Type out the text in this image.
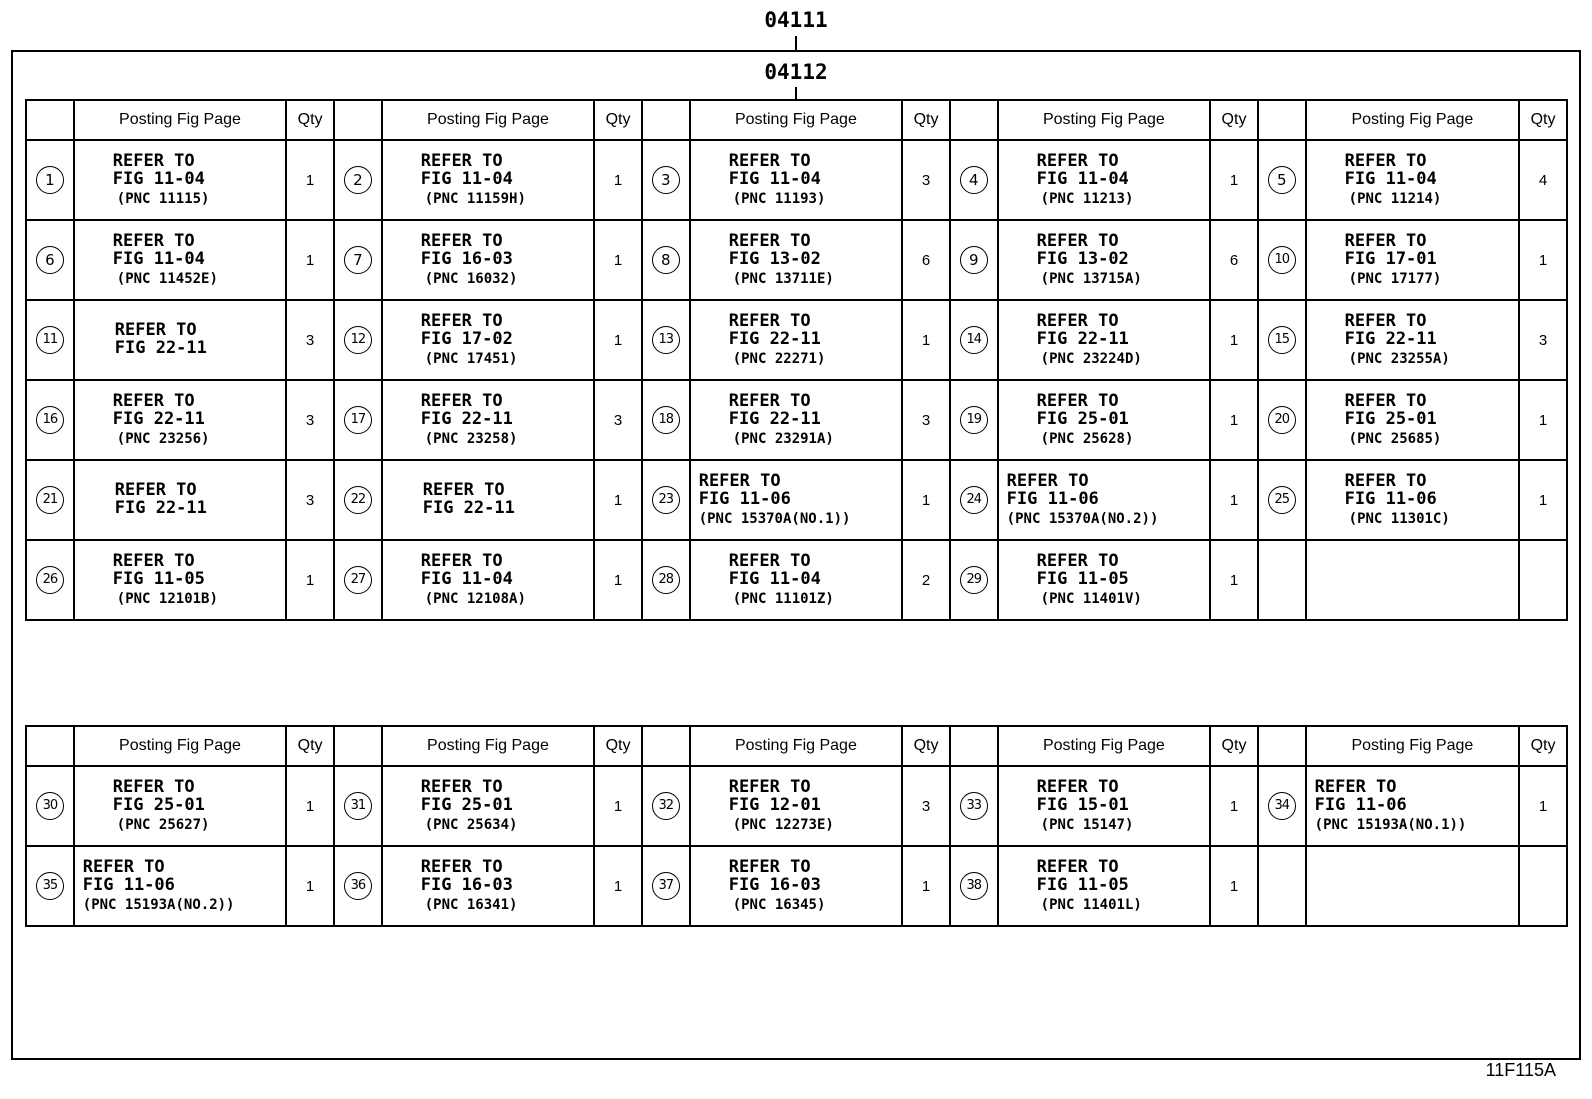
04111
04112
	Posting Fig Page	Qty		Posting Fig Page	Qty		Posting Fig Page	Qty		Posting Fig Page	Qty		Posting Fig Page	Qty
1	REFER TO
FIG 11-04
(PNC 11115)	1	2	REFER TO
FIG 11-04
(PNC 11159H)	1	3	REFER TO
FIG 11-04
(PNC 11193)	3	4	REFER TO
FIG 11-04
(PNC 11213)	1	5	REFER TO
FIG 11-04
(PNC 11214)	4
6	REFER TO
FIG 11-04
(PNC 11452E)	1	7	REFER TO
FIG 16-03
(PNC 16032)	1	8	REFER TO
FIG 13-02
(PNC 13711E)	6	9	REFER TO
FIG 13-02
(PNC 13715A)	6	10	REFER TO
FIG 17-01
(PNC 17177)	1
11	REFER TO
FIG 22-11	3	12	REFER TO
FIG 17-02
(PNC 17451)	1	13	REFER TO
FIG 22-11
(PNC 22271)	1	14	REFER TO
FIG 22-11
(PNC 23224D)	1	15	REFER TO
FIG 22-11
(PNC 23255A)	3
16	REFER TO
FIG 22-11
(PNC 23256)	3	17	REFER TO
FIG 22-11
(PNC 23258)	3	18	REFER TO
FIG 22-11
(PNC 23291A)	3	19	REFER TO
FIG 25-01
(PNC 25628)	1	20	REFER TO
FIG 25-01
(PNC 25685)	1
21	REFER TO
FIG 22-11	3	22	REFER TO
FIG 22-11	1	23	REFER TO
FIG 11-06
(PNC 15370A(NO.1))	1	24	REFER TO
FIG 11-06
(PNC 15370A(NO.2))	1	25	REFER TO
FIG 11-06
(PNC 11301C)	1
26	REFER TO
FIG 11-05
(PNC 12101B)	1	27	REFER TO
FIG 11-04
(PNC 12108A)	1	28	REFER TO
FIG 11-04
(PNC 11101Z)	2	29	REFER TO
FIG 11-05
(PNC 11401V)	1			
	Posting Fig Page	Qty		Posting Fig Page	Qty		Posting Fig Page	Qty		Posting Fig Page	Qty		Posting Fig Page	Qty
30	REFER TO
FIG 25-01
(PNC 25627)	1	31	REFER TO
FIG 25-01
(PNC 25634)	1	32	REFER TO
FIG 12-01
(PNC 12273E)	3	33	REFER TO
FIG 15-01
(PNC 15147)	1	34	REFER TO
FIG 11-06
(PNC 15193A(NO.1))	1
35	REFER TO
FIG 11-06
(PNC 15193A(NO.2))	1	36	REFER TO
FIG 16-03
(PNC 16341)	1	37	REFER TO
FIG 16-03
(PNC 16345)	1	38	REFER TO
FIG 11-05
(PNC 11401L)	1			
11F115A
